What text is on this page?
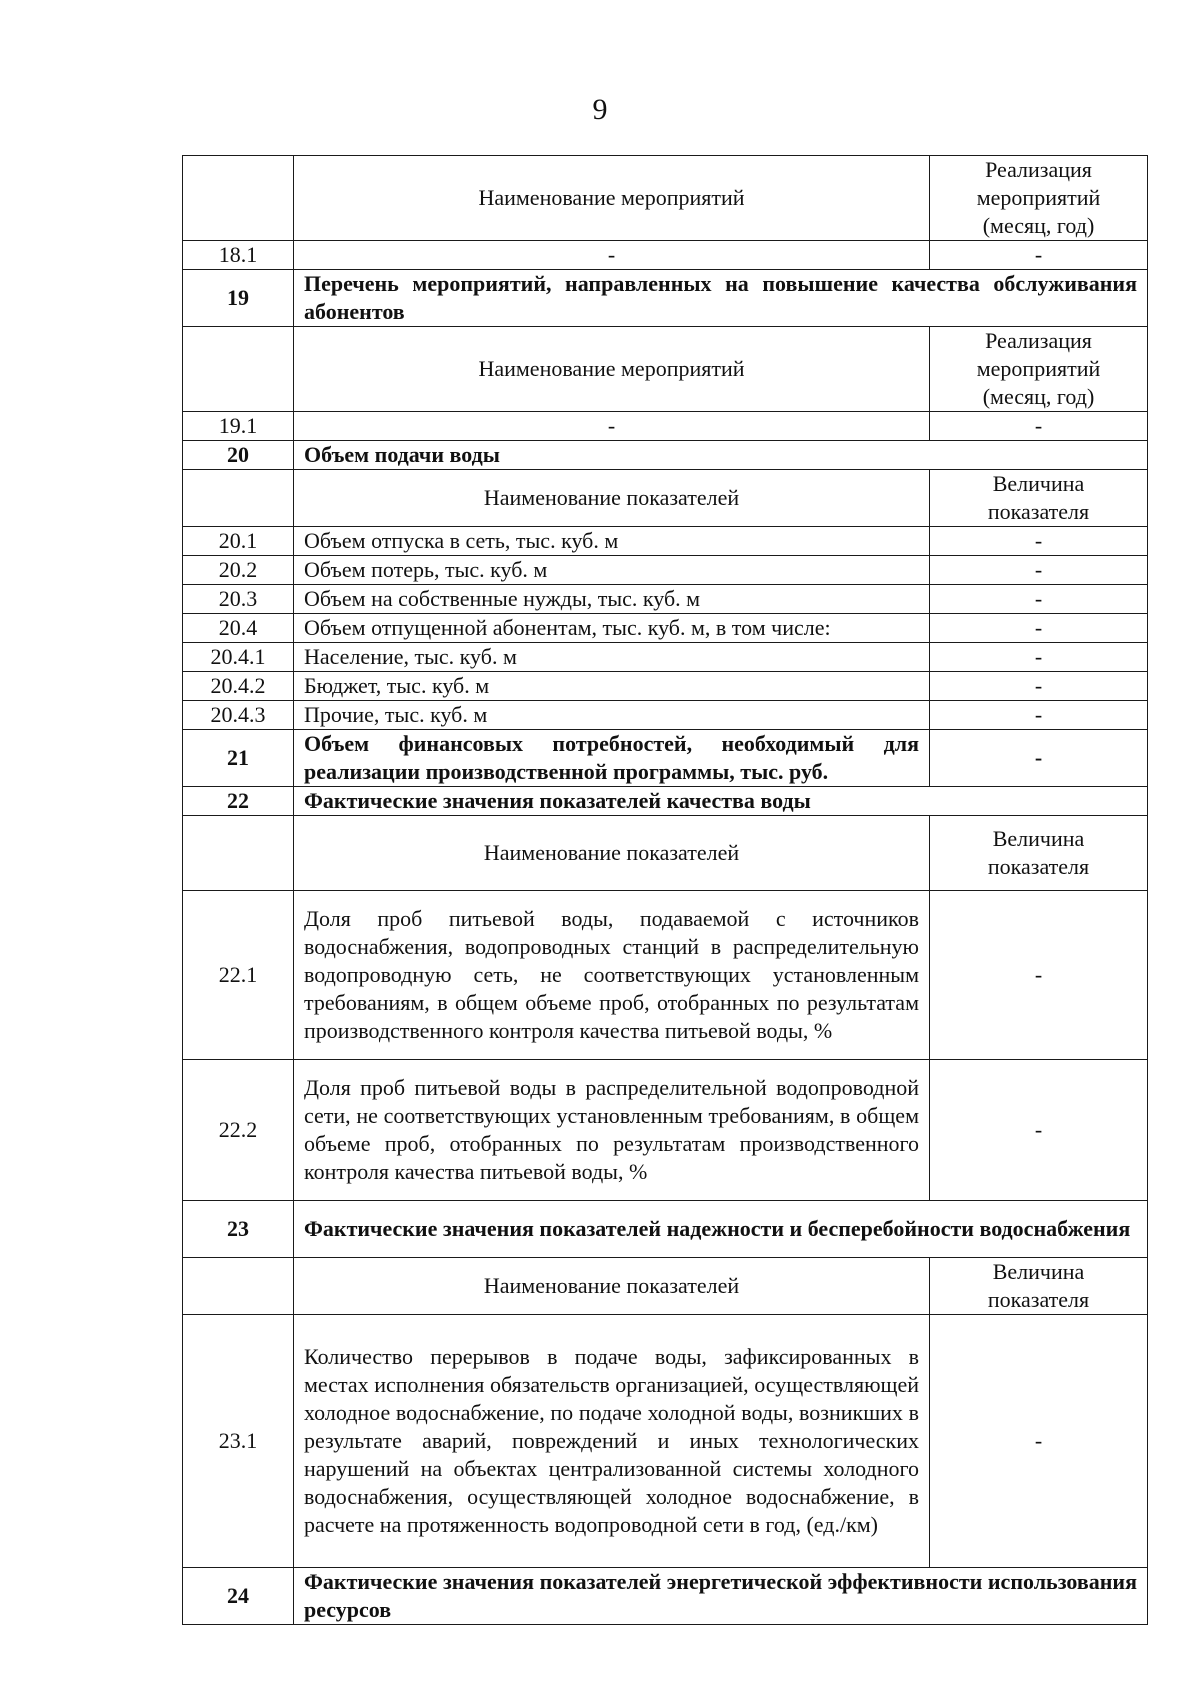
9
	Наименование мероприятий	Реализация мероприятий (месяц, год)
18.1	-	-
19	Перечень мероприятий, направленных на повышение качества обслуживания абонентов	
	Наименование мероприятий	Реализация мероприятий (месяц, год)
19.1	-	-
20	Объем подачи воды	
	Наименование показателей	Величина показателя
20.1	Объем отпуска в сеть, тыс. куб. м	-
20.2	Объем потерь, тыс. куб. м	-
20.3	Объем на собственные нужды, тыс. куб. м	-
20.4	Объем отпущенной абонентам, тыс. куб. м, в том числе:	-
20.4.1	Население, тыс. куб. м	-
20.4.2	Бюджет, тыс. куб. м	-
20.4.3	Прочие, тыс. куб. м	-
21	Объем финансовых потребностей, необходимый для реализации производственной программы, тыс. руб.	-
22	Фактические значения показателей качества воды	
	Наименование показателей	Величина показателя
22.1	Доля проб питьевой воды, подаваемой с источников водоснабжения, водопроводных станций в распределительную водопроводную сеть, не соответствующих установленным требованиям, в общем объеме проб, отобранных по результатам производственного контроля качества питьевой воды, %	-
22.2	Доля проб питьевой воды в распределительной водопроводной сети, не соответствующих установленным требованиям, в общем объеме проб, отобранных по результатам производственного контроля качества питьевой воды, %	-
23	Фактические значения показателей надежности и бесперебойности водоснабжения	
	Наименование показателей	Величина показателя
23.1	Количество перерывов в подаче воды, зафиксированных в местах исполнения обязательств организацией, осуществляющей холодное водоснабжение, по подаче холодной воды, возникших в результате аварий, повреждений и иных технологических нарушений на объектах централизованной системы холодного водоснабжения, осуществляющей холодное водоснабжение, в расчете на протяженность водопроводной сети в год, (ед./км)	-
24	Фактические значения показателей энергетической эффективности использования ресурсов	
